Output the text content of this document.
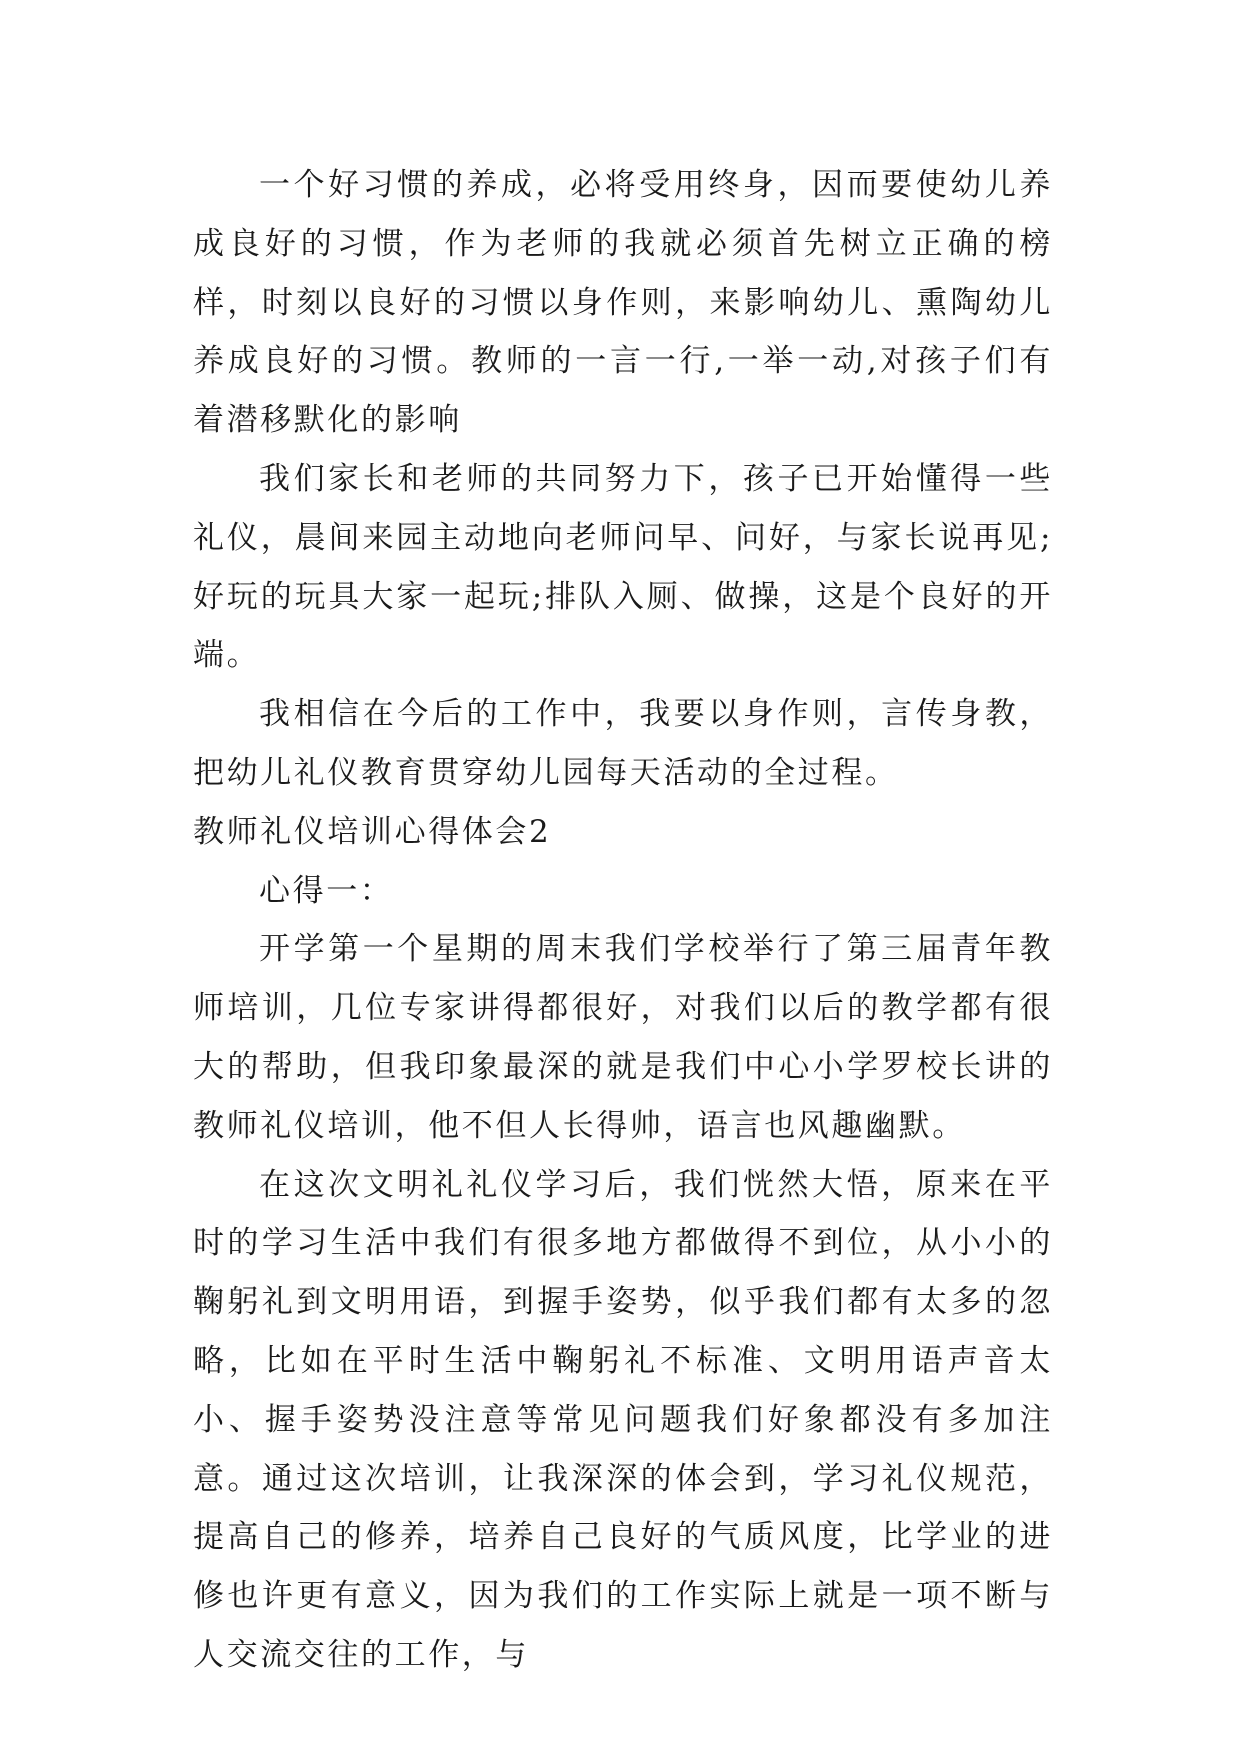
一个好习惯的养成，必将受用终身，因而要使幼儿养成良好的习惯，作为老师的我就必须首先树立正确的榜样，时刻以良好的习惯以身作则，来影响幼儿、熏陶幼儿养成良好的习惯。教师的一言一行,一举一动,对孩子们有着潜移默化的影响

我们家长和老师的共同努力下，孩子已开始懂得一些礼仪，晨间来园主动地向老师问早、问好，与家长说再见;好玩的玩具大家一起玩;排队入厕、做操，这是个良好的开端。

我相信在今后的工作中，我要以身作则，言传身教，把幼儿礼仪教育贯穿幼儿园每天活动的全过程。

教师礼仪培训心得体会2

心得一：

开学第一个星期的周末我们学校举行了第三届青年教师培训，几位专家讲得都很好，对我们以后的教学都有很大的帮助，但我印象最深的就是我们中心小学罗校长讲的教师礼仪培训，他不但人长得帅，语言也风趣幽默。

在这次文明礼礼仪学习后，我们恍然大悟，原来在平时的学习生活中我们有很多地方都做得不到位，从小小的鞠躬礼到文明用语，到握手姿势，似乎我们都有太多的忽略，比如在平时生活中鞠躬礼不标准、文明用语声音太小、握手姿势没注意等常见问题我们好象都没有多加注意。通过这次培训，让我深深的体会到，学习礼仪规范，提高自己的修养，培养自己良好的气质风度，比学业的进修也许更有意义，因为我们的工作实际上就是一项不断与人交流交往的工作，与
